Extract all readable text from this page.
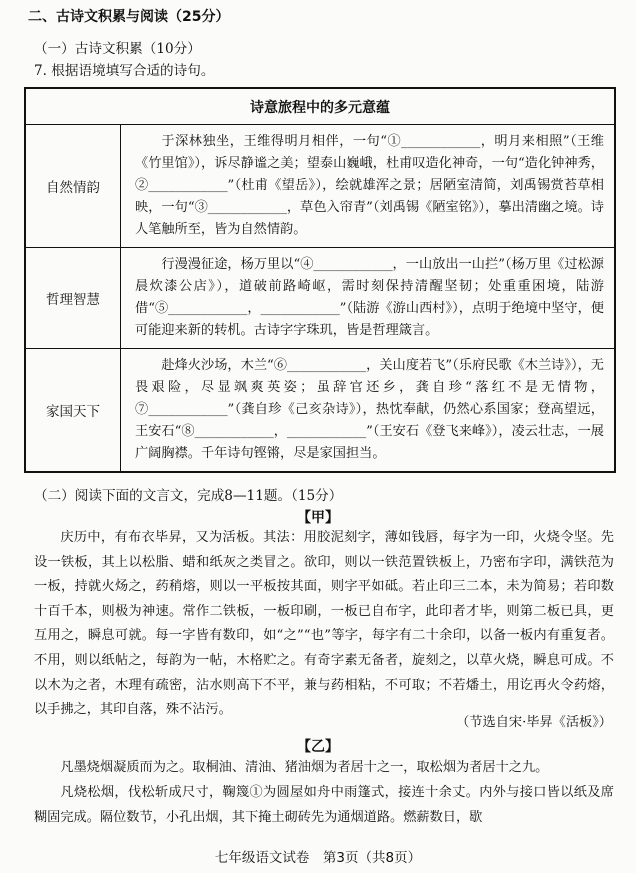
二、古诗文积累与阅读（25分）
（一）古诗文积累（10分）
7. 根据语境填写合适的诗句。
诗意旅程中的多元意蕴	
自然情韵	于深林独坐，王维得明月相伴，一句“①____________，明月来相照”（王维《竹里馆》），诉尽静谧之美；望泰山巍峨，杜甫叹造化神奇，一句“造化钟神秀，②____________”（杜甫《望岳》），绘就雄浑之景；居陋室清简，刘禹锡赏苔草相映，一句“③____________，草色入帘青”（刘禹锡《陋室铭》），摹出清幽之境。诗人笔触所至，皆为自然情韵。

哲理智慧	行漫漫征途，杨万里以“④____________，一山放出一山拦”（杨万里《过松源晨炊漆公店》），道破前路崎岖，需时刻保持清醒坚韧；处重重困境，陆游借“⑤____________，____________”（陆游《游山西村》），点明于绝境中坚守，便可能迎来新的转机。古诗字字珠玑，皆是哲理箴言。

家国天下	赴烽火沙场，木兰“⑥____________，关山度若飞”（乐府民歌《木兰诗》），无畏艰险，尽显飒爽英姿；虽辞官还乡，龚自珍“落红不是无情物，⑦____________”（龚自珍《己亥杂诗》），热忱奉献，仍然心系国家；登高望远，王安石“⑧____________，____________”（王安石《登飞来峰》），凌云壮志，一展广阔胸襟。千年诗句铿锵，尽是家国担当。
（二）阅读下面的文言文，完成8—11题。（15分）
【甲】
庆历中，有布衣毕昇，又为活板。其法：用胶泥刻字，薄如钱唇，每字为一印，火烧令坚。先设一铁板，其上以松脂、蜡和纸灰之类冒之。欲印，则以一铁范置铁板上，乃密布字印，满铁范为一板，持就火炀之，药稍熔，则以一平板按其面，则字平如砥。若止印三二本，未为简易；若印数十百千本，则极为神速。常作二铁板，一板印刷，一板已自布字，此印者才毕，则第二板已具，更互用之，瞬息可就。每一字皆有数印，如“之”“也”等字，每字有二十余印，以备一板内有重复者。不用，则以纸帖之，每韵为一帖，木格贮之。有奇字素无备者，旋刻之，以草火烧，瞬息可成。不以木为之者，木理有疏密，沾水则高下不平，兼与药相粘，不可取；不若燔土，用讫再火令药熔，以手拂之，其印自落，殊不沾污。
（节选自宋·毕昇《活板》）
【乙】
凡墨烧烟凝质而为之。取桐油、清油、猪油烟为者居十之一，取松烟为者居十之九。
凡烧松烟，伐松斩成尺寸，鞠篾①为圆屋如舟中雨篷式，接连十余丈。内外与接口皆以纸及席糊固完成。隔位数节，小孔出烟，其下掩土砌砖先为通烟道路。燃薪数日，歇
七年级语文试卷　第3页（共8页）
